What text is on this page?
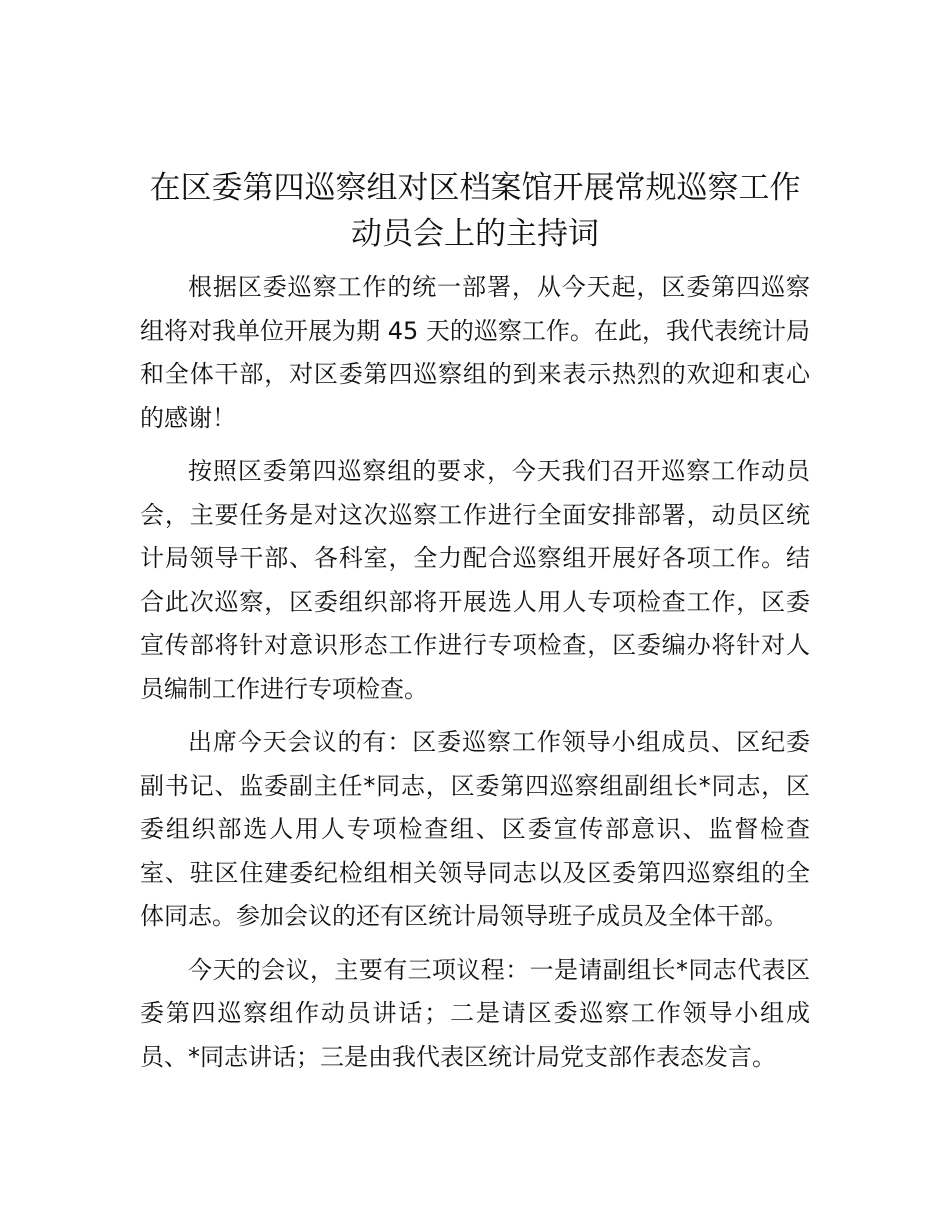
在区委第四巡察组对区档案馆开展常规巡察工作动员会上的主持词

根据区委巡察工作的统一部署，从今天起，区委第四巡察组将对我单位开展为期 45 天的巡察工作。在此，我代表统计局和全体干部，对区委第四巡察组的到来表示热烈的欢迎和衷心的感谢！

按照区委第四巡察组的要求，今天我们召开巡察工作动员会，主要任务是对这次巡察工作进行全面安排部署，动员区统计局领导干部、各科室，全力配合巡察组开展好各项工作。结合此次巡察，区委组织部将开展选人用人专项检查工作，区委宣传部将针对意识形态工作进行专项检查，区委编办将针对人员编制工作进行专项检查。

出席今天会议的有：区委巡察工作领导小组成员、区纪委副书记、监委副主任*同志，区委第四巡察组副组长*同志，区委组织部选人用人专项检查组、区委宣传部意识、监督检查室、驻区住建委纪检组相关领导同志以及区委第四巡察组的全体同志。参加会议的还有区统计局领导班子成员及全体干部。

今天的会议，主要有三项议程：一是请副组长*同志代表区委第四巡察组作动员讲话；二是请区委巡察工作领导小组成员、*同志讲话；三是由我代表区统计局党支部作表态发言。
